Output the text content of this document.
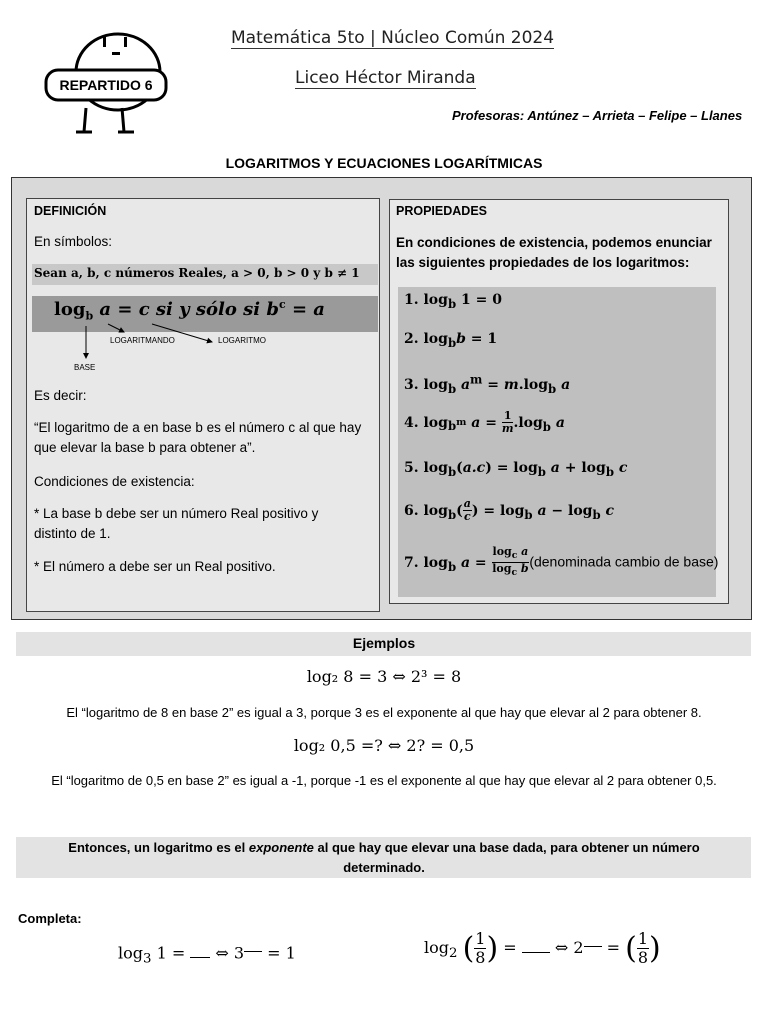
REPARTIDO 6
Matemática 5to | Núcleo Común 2024
Liceo Héctor Miranda
Profesoras: Antúnez – Arrieta – Felipe – Llanes
LOGARITMOS Y ECUACIONES LOGARÍTMICAS
DEFINICIÓN
En símbolos:
Sean a, b, c números Reales, a > 0, b > 0 y b ≠ 1
$\log_b a = c$ si y sólo si $b^c = a$
LOGARITMANDO	LOGARITMO
BASE
Es decir:
“El logaritmo de a en base b es el número c al que hay que elevar la base b para obtener a”.
Condiciones de existencia:
* La base b debe ser un número Real positivo y distinto de 1.
* El número a debe ser un Real positivo.
PROPIEDADES
En condiciones de existencia, podemos enunciar las siguientes propiedades de los logaritmos:
1. $\log_b 1 = 0$
2. $\log_bb = 1$
3. $\log_b a^m = m.\log_b$ a
4. $\log_{b^m} a = \frac{1}{m} .\log_b$ a
5. $\log_b(a.c) = \log_b a + \log_b c$
6. $\log_b( \frac{a}{c}$ ) = $\log_b a - \log_b c$
7. $\log_b a = \frac{\log_c a}{\log_c b}$ (denominada cambio de base)
Ejemplos
log₂ 8 = 3 ⇔ 2³ = 8
El “logaritmo de 8 en base 2” es igual a 3, porque 3 es el exponente al que hay que elevar al 2 para obtener 8.
log₂ 0,5 =? ⇔ 2? = 0,5
El “logaritmo de 0,5 en base 2” es igual a -1, porque -1 es el exponente al que hay que elevar al 2 para obtener 0,5.
Entonces, un logaritmo es el exponente al que hay que elevar una base dada, para obtener un número determinado.
Completa:
$\log_3 1$ =  ⇔ 3 = 1	$\log_2$ ( $\frac{1}{8}$ ) =  ⇔ 2 = ( $\frac{1}{8}$ )
